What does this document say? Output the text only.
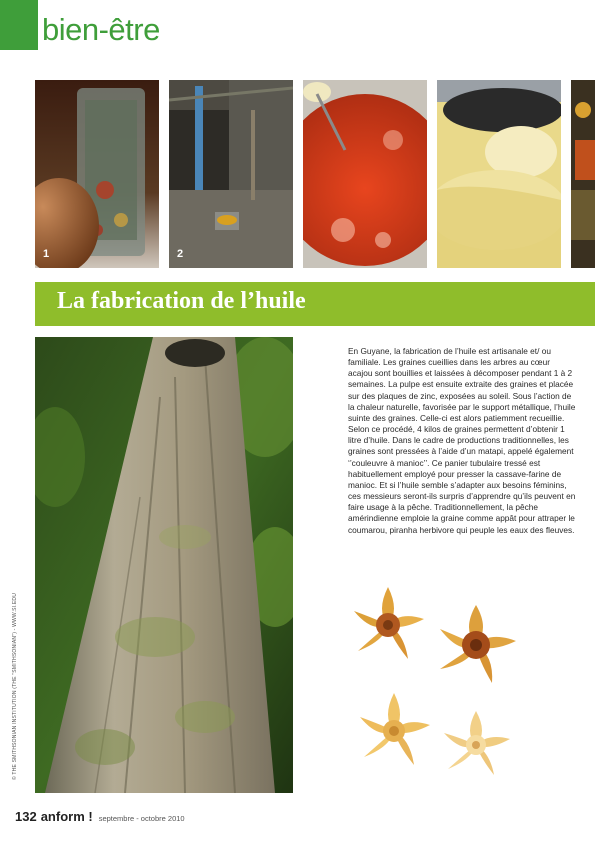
bien-être
1	2
La fabrication de l’huile
© THE SMITHSONIAN INSTITUTION (THE "SMITHSONIAN") - WWW.SI.EDU

En Guyane, la fabrication de l’huile est artisanale et/ ou familiale. Les graines cueillies dans les arbres au cœur acajou sont bouillies et laissées à décomposer pendant 1 à 2 semaines. La pulpe est ensuite extraite des graines et placée sur des plaques de zinc, exposées au soleil. Sous l’action de la chaleur naturelle, favorisée par le support métallique, l’huile suinte des graines. Celle-ci est alors patiemment recueillie. Selon ce procédé, 4 kilos de graines permettent d’obtenir 1 litre d’huile. Dans le cadre de productions traditionnelles, les graines sont pressées à l’aide d’un matapi, appelé également ‘’couleuvre à manioc’’. Ce panier tubulaire tressé est habituellement employé pour presser la cassave-farine de manioc. Et si l’huile semble s’adapter aux besoins féminins, ces messieurs seront-ils surpris d’apprendre qu’ils peuvent en faire usage à la pêche. Traditionnellement, la pêche amérindienne emploie la graine comme appât pour attraper le coumarou, piranha herbivore qui peuple les eaux des fleuves.

132 anform ! septembre - octobre 2010
